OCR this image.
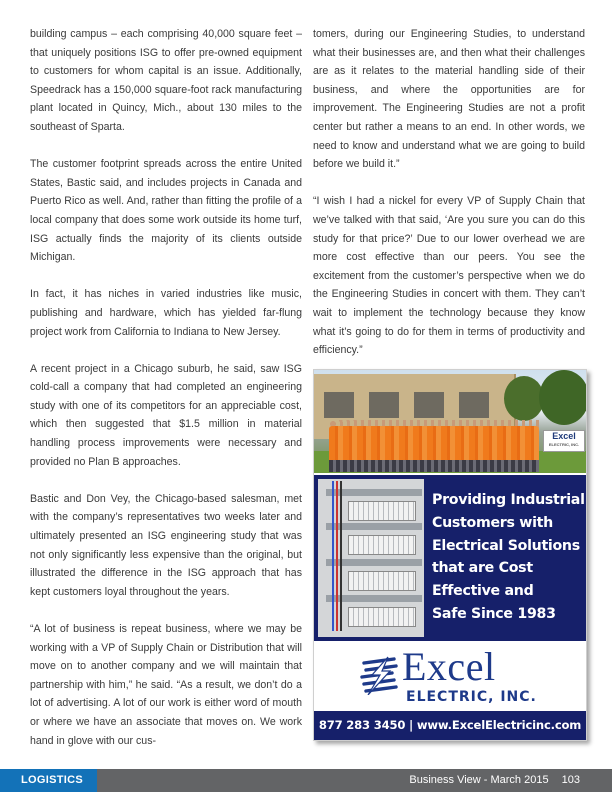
building campus – each comprising 40,000 square feet – that uniquely positions ISG to offer pre-owned equipment to customers for whom capital is an issue. Additionally, Speedrack has a 150,000 square-foot rack manufacturing plant located in Quincy, Mich., about 130 miles to the southeast of Sparta.

The customer footprint spreads across the entire United States, Bastic said, and includes projects in Canada and Puerto Rico as well. And, rather than fitting the profile of a local company that does some work outside its home turf, ISG actually finds the majority of its clients outside Michigan.

In fact, it has niches in varied industries like music, publishing and hardware, which has yielded far-flung project work from California to Indiana to New Jersey.

A recent project in a Chicago suburb, he said, saw ISG cold-call a company that had completed an engineering study with one of its competitors for an appreciable cost, which then suggested that $1.5 million in material handling process improvements were necessary and provided no Plan B approaches.

Bastic and Don Vey, the Chicago-based salesman, met with the company’s representatives two weeks later and ultimately presented an ISG engineering study that was not only significantly less expensive than the original, but illustrated the difference in the ISG approach that has kept customers loyal throughout the years.

“A lot of business is repeat business, where we may be working with a VP of Supply Chain or Distribution that will move on to another company and we will maintain that partnership with him,” he said. “As a result, we don’t do a lot of advertising. A lot of our work is either word of mouth or where we have an associate that moves on. We work hand in glove with our cus-

tomers, during our Engineering Studies, to understand what their businesses are, and then what their challenges are as it relates to the material handling side of their business, and where the opportunities are for improvement. The Engineering Studies are not a profit center but rather a means to an end. In other words, we need to know and understand what we are going to build before we build it.”

“I wish I had a nickel for every VP of Supply Chain that we’ve talked with that said, ‘Are you sure you can do this study for that price?’ Due to our lower overhead we are more cost effective than our peers. You see the excitement from the customer’s perspective when we do the Engineering Studies in concert with them. They can’t wait to implement the technology because they know what it’s going to do for them in terms of productivity and efficiency.”

Excel
ELECTRIC, INC.
Providing Industrial
Customers with
Electrical Solutions
that are Cost
Effective and
Safe Since 1983
Excel
ELECTRIC, INC.
877 283 3450 | www.ExcelElectricinc.com
LOGISTICS	Business View - March 2015 103
